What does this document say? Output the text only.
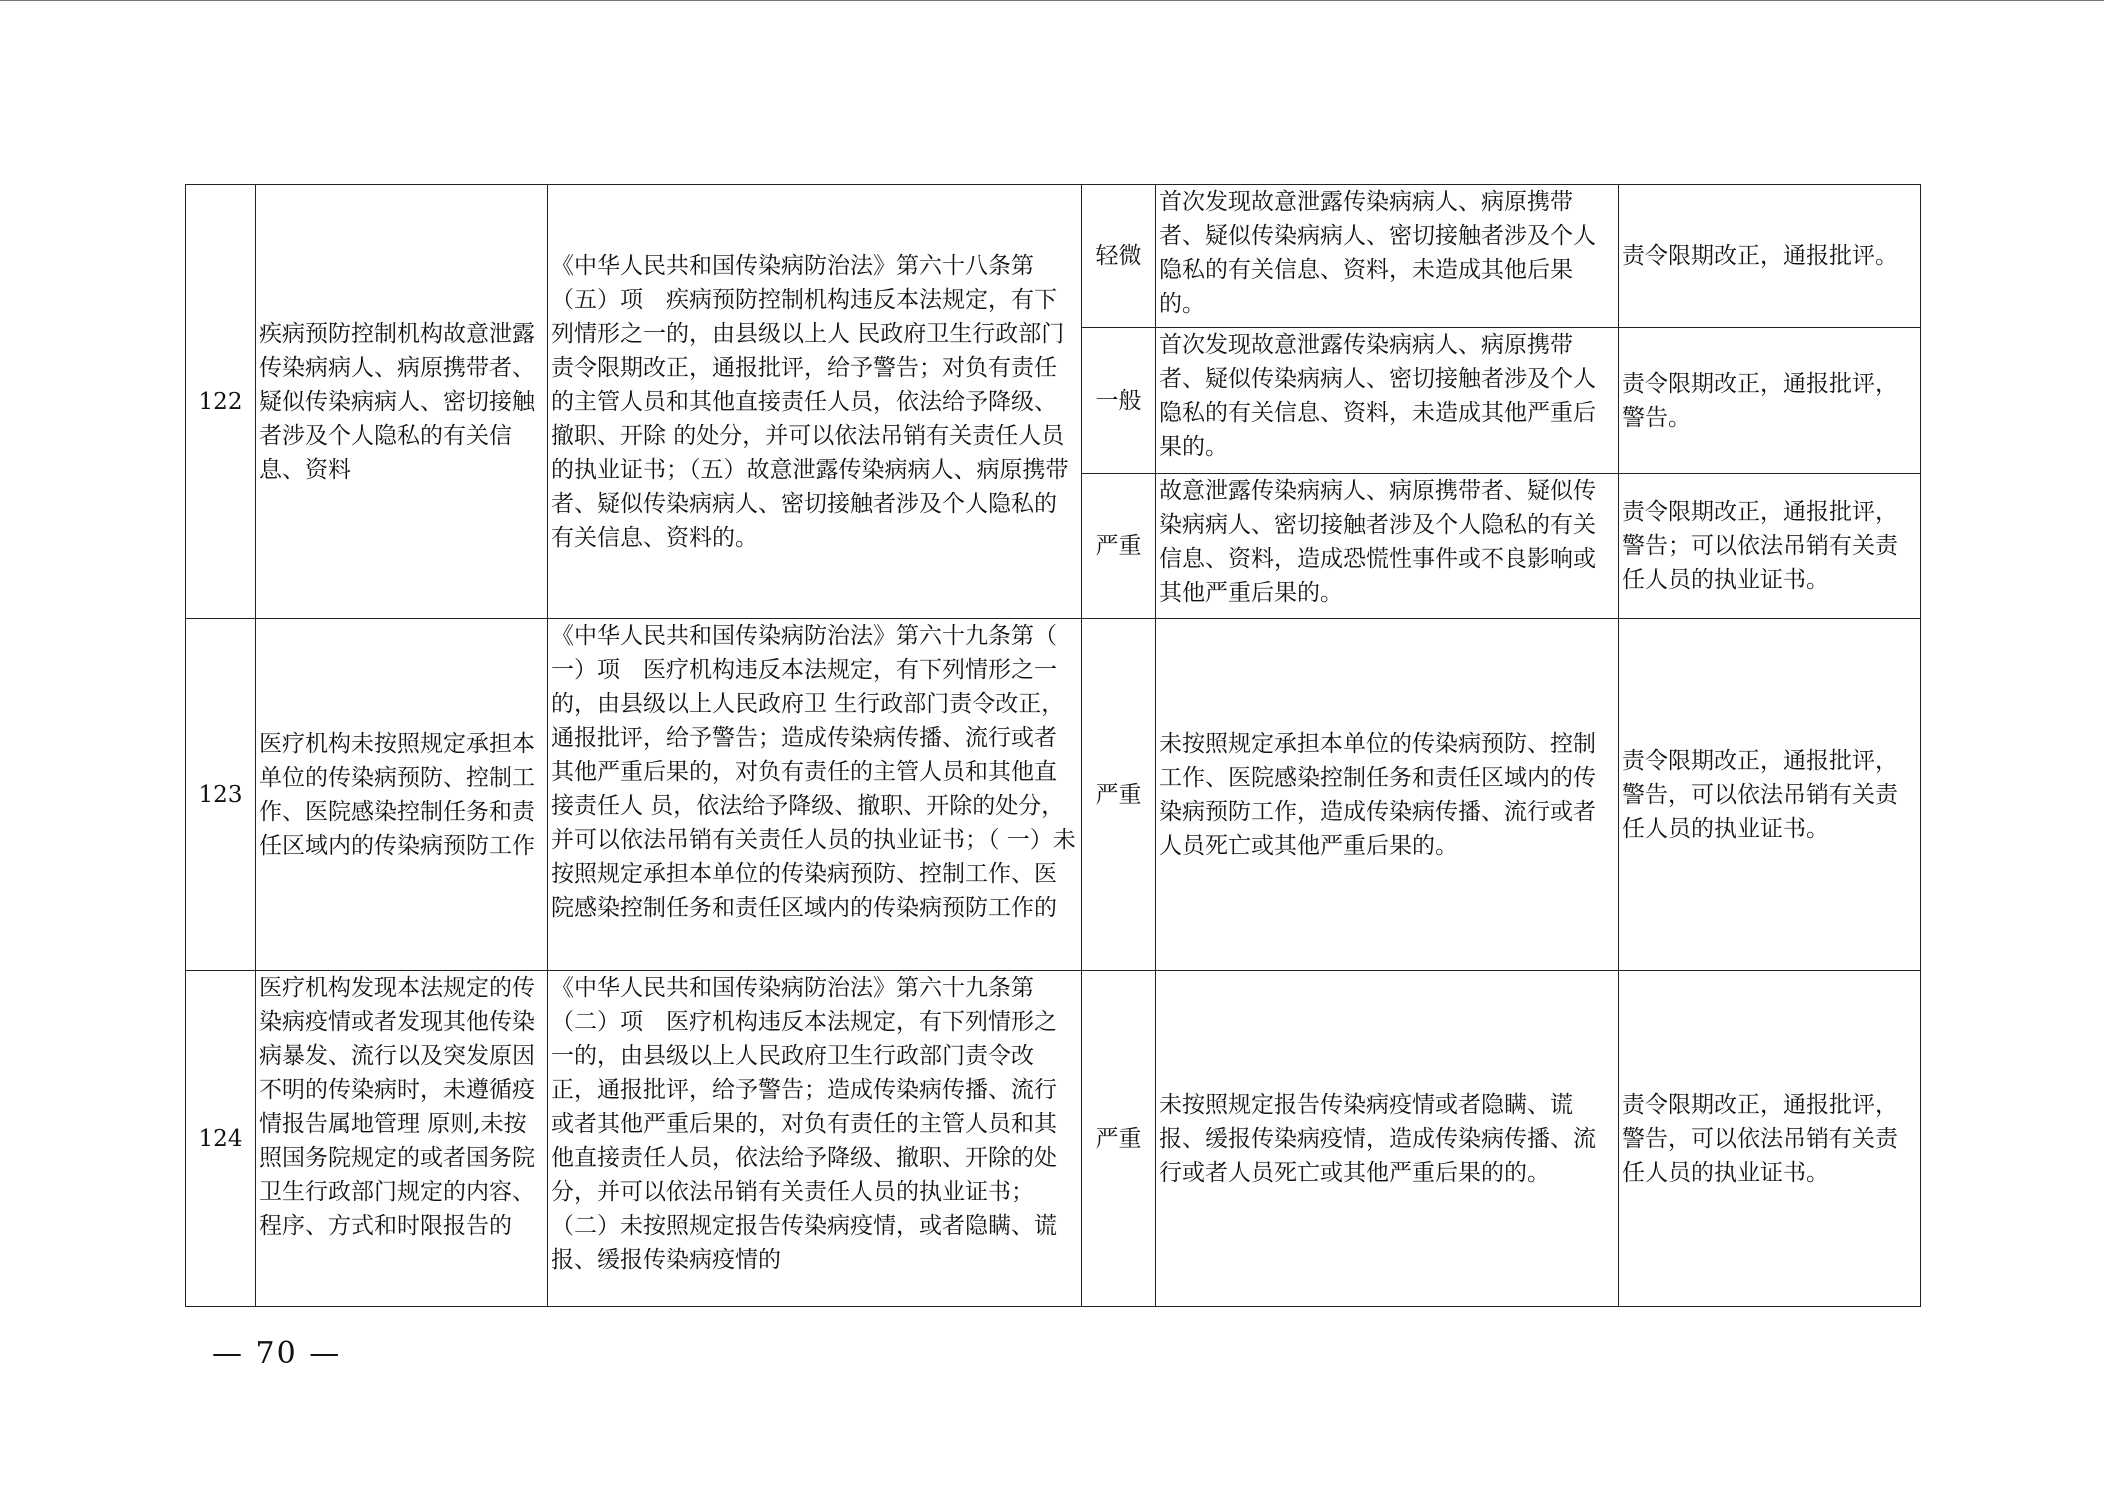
122	疾病预防控制机构故意泄露传染病病人、病原携带者、疑似传染病病人、密切接触者涉及个人隐私的有关信息、资料	《中华人民共和国传染病防治法》第六十八条第（五）项　疾病预防控制机构违反本法规定，有下列情形之一的，由县级以上人 民政府卫生行政部门责令限期改正，通报批评，给予警告；对负有责任的主管人员和其他直接责任人员，依法给予降级、撤职、开除 的处分，并可以依法吊销有关责任人员的执业证书；（五）故意泄露传染病病人、病原携带者、疑似传染病病人、密切接触者涉及个人隐私的有关信息、资料的。	轻微	首次发现故意泄露传染病病人、病原携带者、疑似传染病病人、密切接触者涉及个人隐私的有关信息、资料，未造成其他后果的。	责令限期改正，通报批评。
			一般	首次发现故意泄露传染病病人、病原携带者、疑似传染病病人、密切接触者涉及个人隐私的有关信息、资料，未造成其他严重后果的。	责令限期改正，通报批评，警告。
			严重	故意泄露传染病病人、病原携带者、疑似传染病病人、密切接触者涉及个人隐私的有关信息、资料，造成恐慌性事件或不良影响或其他严重后果的。	责令限期改正，通报批评，警告；可以依法吊销有关责任人员的执业证书。
123	医疗机构未按照规定承担本单位的传染病预防、控制工作、医院感染控制任务和责任区域内的传染病预防工作	《中华人民共和国传染病防治法》第六十九条第（ 一）项　医疗机构违反本法规定，有下列情形之一的，由县级以上人民政府卫 生行政部门责令改正，通报批评，给予警告；造成传染病传播、流行或者其他严重后果的，对负有责任的主管人员和其他直接责任人 员，依法给予降级、撤职、开除的处分，并可以依法吊销有关责任人员的执业证书；（ 一）未按照规定承担本单位的传染病预防、控制工作、医院感染控制任务和责任区域内的传染病预防工作的	严重	未按照规定承担本单位的传染病预防、控制工作、医院感染控制任务和责任区域内的传染病预防工作，造成传染病传播、流行或者人员死亡或其他严重后果的。	责令限期改正，通报批评，警告，可以依法吊销有关责任人员的执业证书。
124	医疗机构发现本法规定的传染病疫情或者发现其他传染病暴发、流行以及突发原因不明的传染病时，未遵循疫情报告属地管理 原则,未按照国务院规定的或者国务院卫生行政部门规定的内容、程序、方式和时限报告的	《中华人民共和国传染病防治法》第六十九条第（二）项　医疗机构违反本法规定，有下列情形之一的，由县级以上人民政府卫生行政部门责令改正，通报批评，给予警告；造成传染病传播、流行或者其他严重后果的，对负有责任的主管人员和其他直接责任人员，依法给予降级、撤职、开除的处分，并可以依法吊销有关责任人员的执业证书；（二）未按照规定报告传染病疫情，或者隐瞒、谎报、缓报传染病疫情的	严重	未按照规定报告传染病疫情或者隐瞒、谎报、缓报传染病疫情，造成传染病传播、流行或者人员死亡或其他严重后果的的。	责令限期改正，通报批评，警告，可以依法吊销有关责任人员的执业证书。
— 70 —
